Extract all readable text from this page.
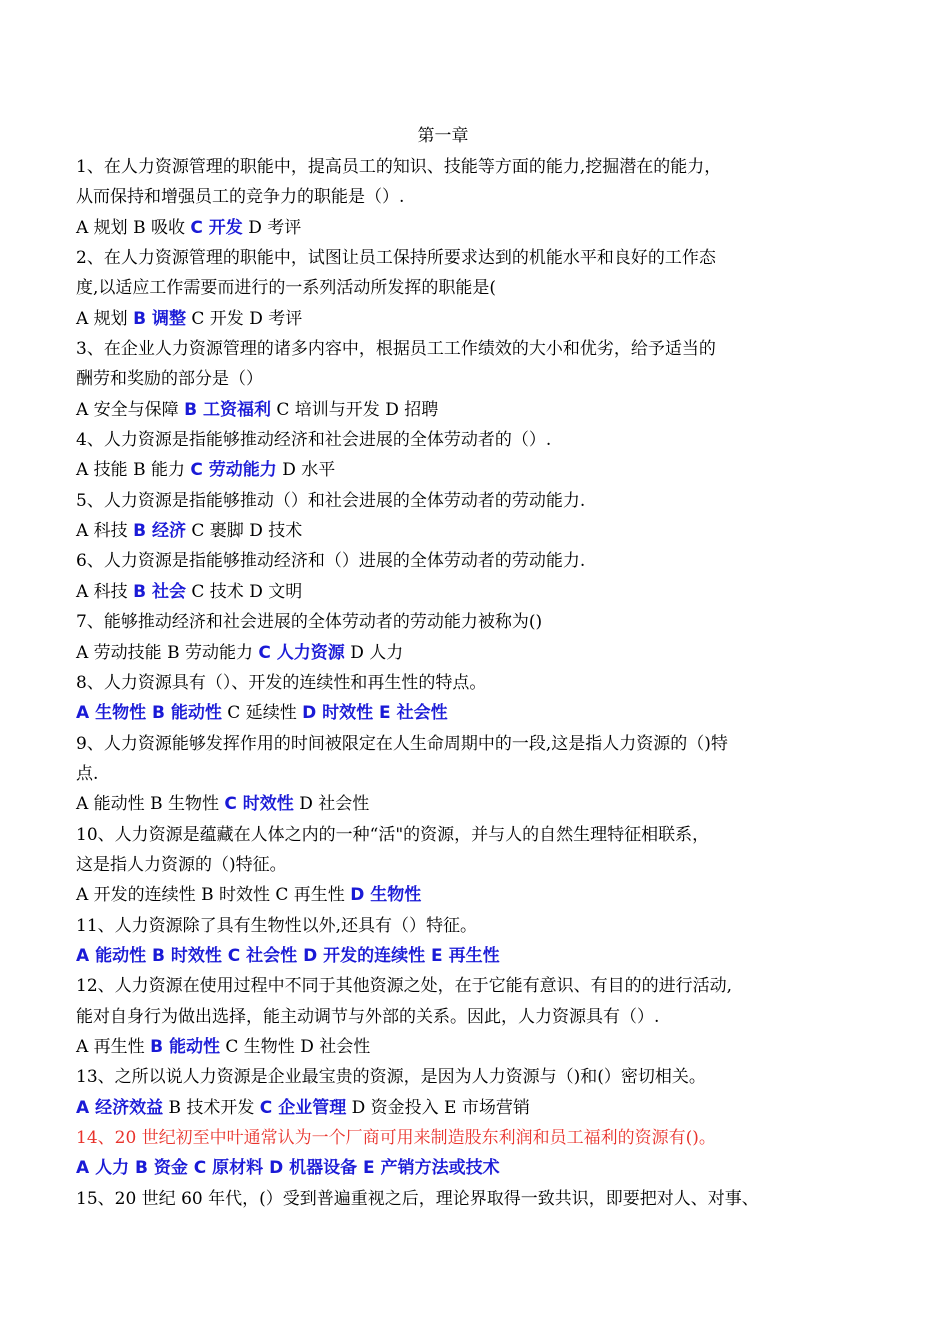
第一章
1、在人力资源管理的职能中，提高员工的知识、技能等方面的能力,挖掘潜在的能力，
从而保持和增强员工的竞争力的职能是（）.
A 规划 B 吸收 C 开发 D 考评
2、在人力资源管理的职能中，试图让员工保持所要求达到的机能水平和良好的工作态
度,以适应工作需要而进行的一系列活动所发挥的职能是(
A 规划 B 调整 C 开发 D 考评
3、在企业人力资源管理的诸多内容中，根据员工工作绩效的大小和优劣，给予适当的
酬劳和奖励的部分是（）
A 安全与保障 B 工资福利 C 培训与开发 D 招聘
4、人力资源是指能够推动经济和社会进展的全体劳动者的（）.
A 技能 B 能力 C 劳动能力 D 水平
5、人力资源是指能够推动（）和社会进展的全体劳动者的劳动能力.
A 科技 B 经济 C 裹脚 D 技术
6、人力资源是指能够推动经济和（）进展的全体劳动者的劳动能力.
A 科技 B 社会 C 技术 D 文明
7、能够推动经济和社会进展的全体劳动者的劳动能力被称为()
A 劳动技能 B 劳动能力 C 人力资源 D 人力
8、人力资源具有（）、开发的连续性和再生性的特点。
A 生物性 B 能动性 C 延续性 D 时效性 E 社会性
9、人力资源能够发挥作用的时间被限定在人生命周期中的一段,这是指人力资源的（)特
点.
A 能动性 B 生物性 C 时效性 D 社会性
10、人力资源是蕴藏在人体之内的一种“活"的资源，并与人的自然生理特征相联系，
这是指人力资源的（)特征。
A 开发的连续性 B 时效性 C 再生性 D 生物性
11、人力资源除了具有生物性以外,还具有（）特征。
A 能动性 B 时效性 C 社会性 D 开发的连续性 E 再生性
12、人力资源在使用过程中不同于其他资源之处，在于它能有意识、有目的的进行活动,
能对自身行为做出选择，能主动调节与外部的关系。因此，人力资源具有（）.
A 再生性 B 能动性 C 生物性 D 社会性
13、之所以说人力资源是企业最宝贵的资源，是因为人力资源与（)和(）密切相关。
A 经济效益 B 技术开发 C 企业管理 D 资金投入 E 市场营销
14、20 世纪初至中叶通常认为一个厂商可用来制造股东利润和员工福利的资源有()。
A 人力 B 资金 C 原材料 D 机器设备 E 产销方法或技术
15、20 世纪 60 年代，(）受到普遍重视之后，理论界取得一致共识，即要把对人、对事、
